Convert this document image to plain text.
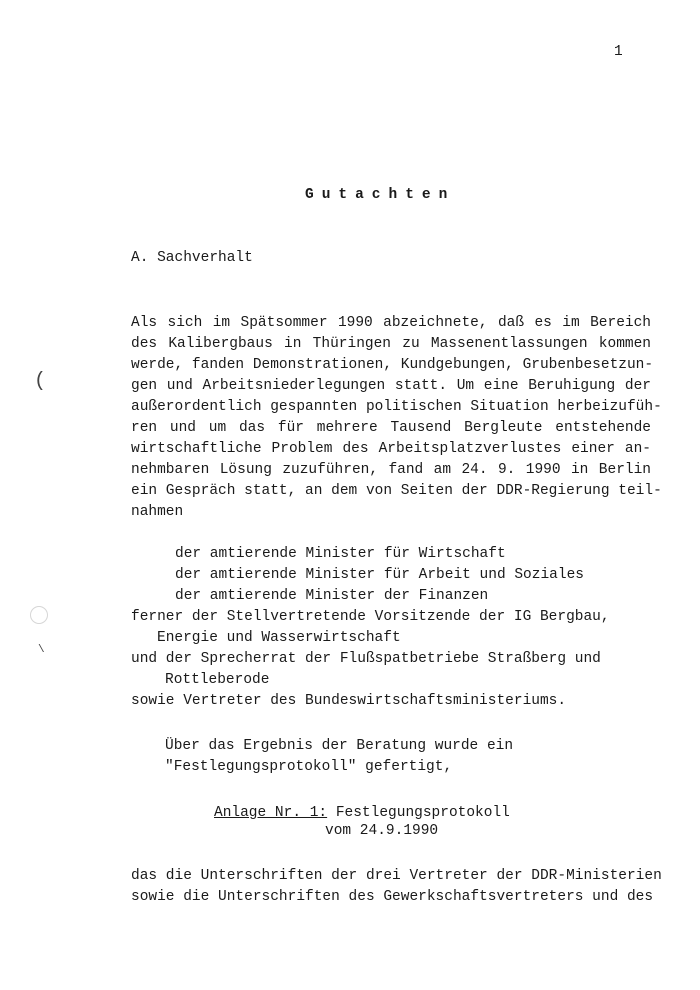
1
(
\
Gutachten
A. Sachverhalt
Als sich im Spätsommer 1990 abzeichnete, daß es im Bereich
des Kalibergbaus in Thüringen zu Massenentlassungen kommen
werde, fanden Demonstrationen, Kundgebungen, Grubenbesetzun-
gen und Arbeitsniederlegungen statt. Um eine Beruhigung der
außerordentlich gespannten politischen Situation herbeizufüh-
ren und um das für mehrere Tausend Bergleute entstehende
wirtschaftliche Problem des Arbeitsplatzverlustes einer an-
nehmbaren Lösung zuzuführen, fand am 24. 9. 1990 in Berlin
ein Gespräch statt, an dem von Seiten der DDR-Regierung teil-
nahmen
der amtierende Minister für Wirtschaft
der amtierende Minister für Arbeit und Soziales
der amtierende Minister der Finanzen
ferner der Stellvertretende Vorsitzende der IG Bergbau,
Energie und Wasserwirtschaft
und der Sprecherrat der Flußspatbetriebe Straßberg und
Rottleberode
sowie Vertreter des Bundeswirtschaftsministeriums.
Über das Ergebnis der Beratung wurde ein
"Festlegungsprotokoll" gefertigt,
Anlage Nr. 1: Festlegungsprotokoll
vom 24.9.1990
das die Unterschriften der drei Vertreter der DDR-Ministerien
sowie die Unterschriften des Gewerkschaftsvertreters und des
